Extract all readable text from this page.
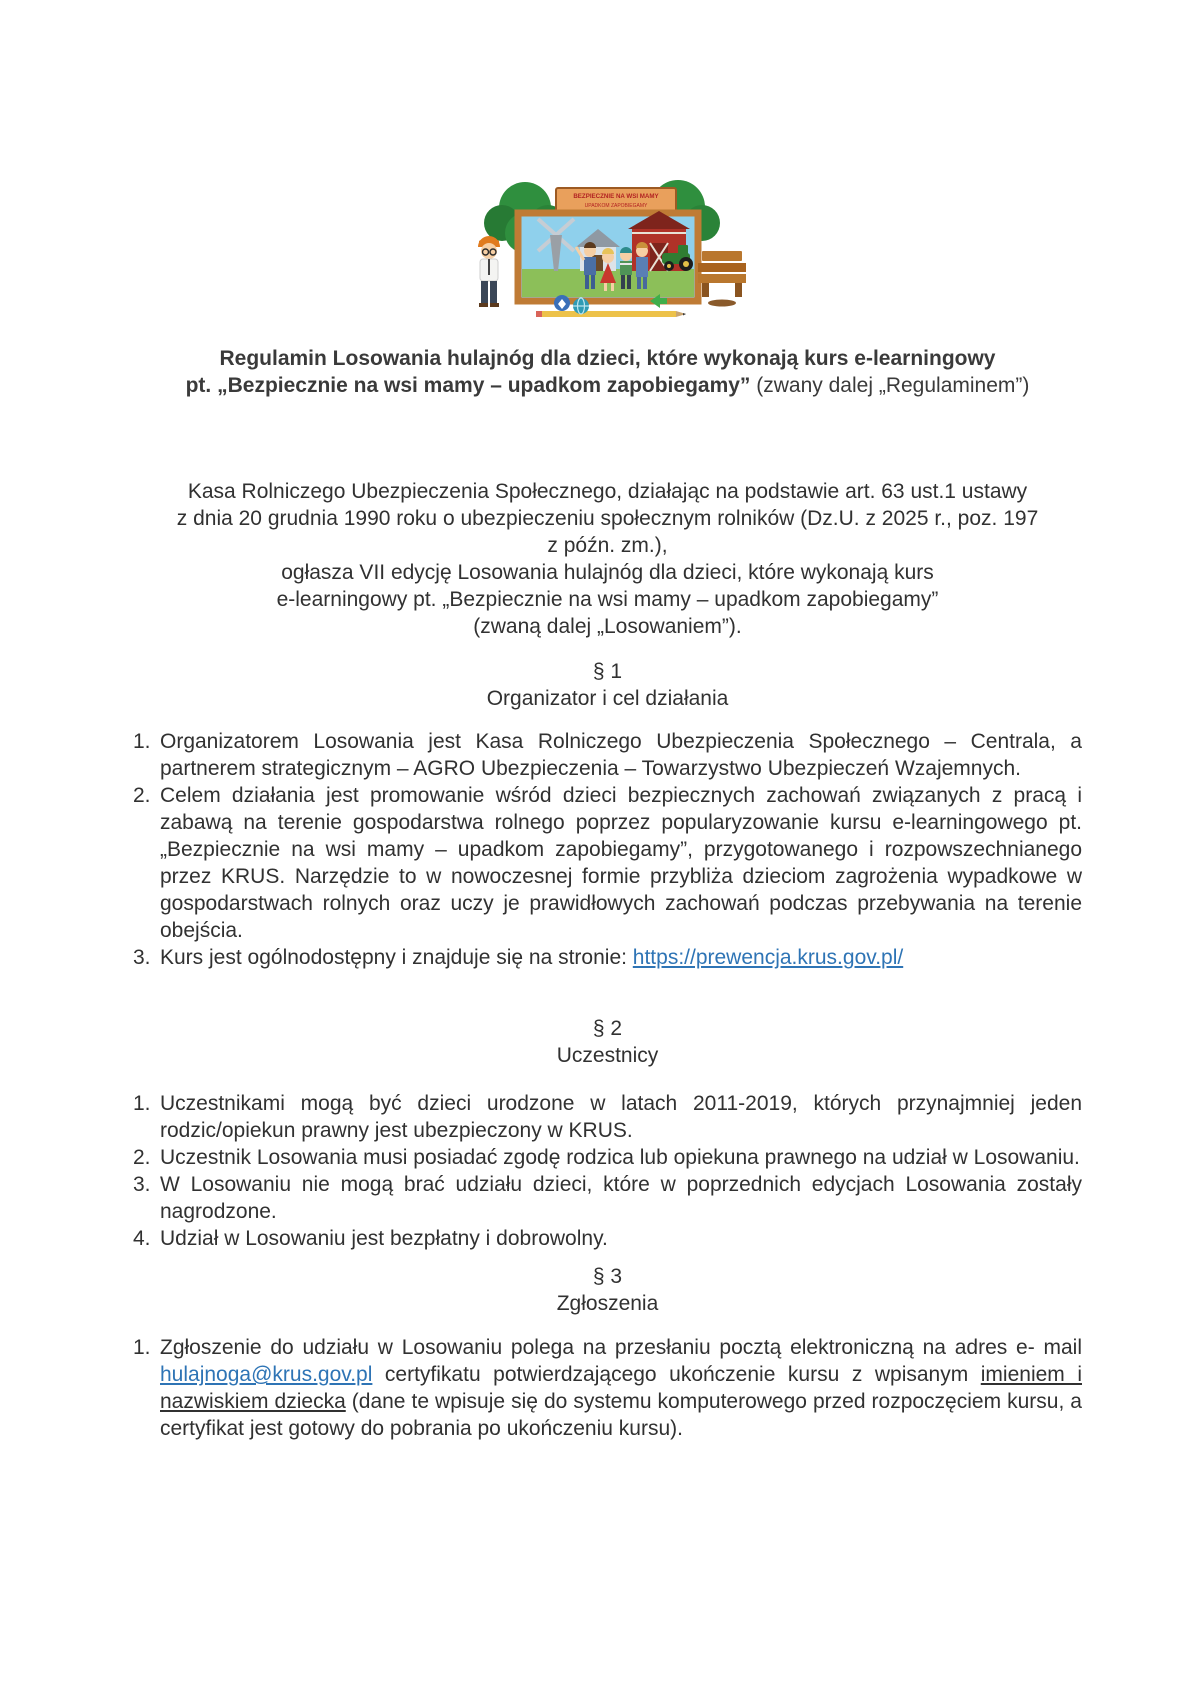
BEZPIECZNIE NA WSI MAMY
UPADKOM ZAPOBIEGAMY
Regulamin Losowania hulajnóg dla dzieci, które wykonają kurs e-learningowy
pt. „Bezpiecznie na wsi mamy – upadkom zapobiegamy” (zwany dalej „Regulaminem”)
Kasa Rolniczego Ubezpieczenia Społecznego, działając na podstawie art. 63 ust.1 ustawy
z dnia 20 grudnia 1990 roku o ubezpieczeniu społecznym rolników (Dz.U. z 2025 r., poz. 197
z późn. zm.),
ogłasza VII edycję Losowania hulajnóg dla dzieci, które wykonają kurs
e-learningowy pt. „Bezpiecznie na wsi mamy – upadkom zapobiegamy”
(zwaną dalej „Losowaniem”).
§ 1
Organizator i cel działania
1. Organizatorem Losowania jest Kasa Rolniczego Ubezpieczenia Społecznego – Centrala, a partnerem strategicznym – AGRO Ubezpieczenia – Towarzystwo Ubezpieczeń Wzajemnych.
2. Celem działania jest promowanie wśród dzieci bezpiecznych zachowań związanych z pracą i zabawą na terenie gospodarstwa rolnego poprzez popularyzowanie kursu e-learningowego pt. „Bezpiecznie na wsi mamy – upadkom zapobiegamy”, przygotowanego i rozpowszechnianego przez KRUS. Narzędzie to w nowoczesnej formie przybliża dzieciom zagrożenia wypadkowe w gospodarstwach rolnych oraz uczy je prawidłowych zachowań podczas przebywania na terenie obejścia.
3. Kurs jest ogólnodostępny i znajduje się na stronie: https://prewencja.krus.gov.pl/
§ 2
Uczestnicy
1. Uczestnikami mogą być dzieci urodzone w latach 2011-2019, których przynajmniej jeden rodzic/opiekun prawny jest ubezpieczony w KRUS.
2. Uczestnik Losowania musi posiadać zgodę rodzica lub opiekuna prawnego na udział w Losowaniu.
3. W Losowaniu nie mogą brać udziału dzieci, które w poprzednich edycjach Losowania zostały nagrodzone.
4. Udział w Losowaniu jest bezpłatny i dobrowolny.
§ 3
Zgłoszenia
1. Zgłoszenie do udziału w Losowaniu polega na przesłaniu pocztą elektroniczną na adres e- mail hulajnoga@krus.gov.pl certyfikatu potwierdzającego ukończenie kursu z wpisanym imieniem i nazwiskiem dziecka (dane te wpisuje się do systemu komputerowego przed rozpoczęciem kursu, a certyfikat jest gotowy do pobrania po ukończeniu kursu).
